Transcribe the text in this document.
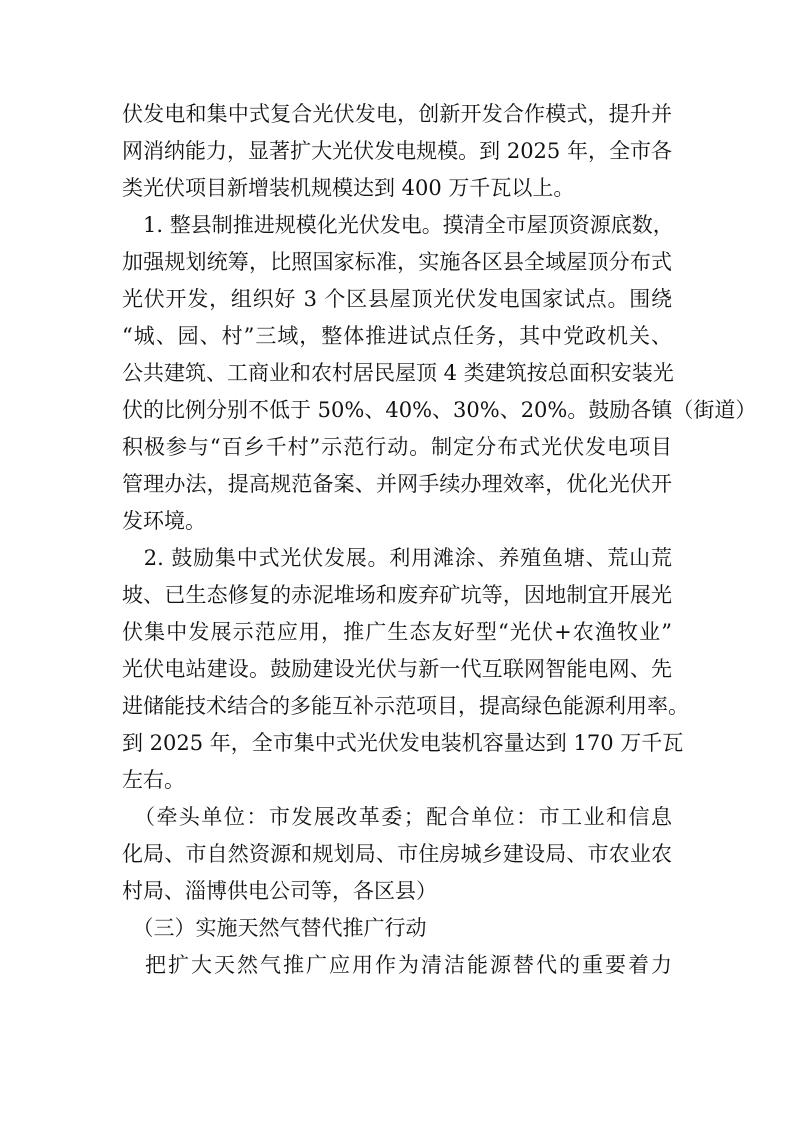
伏发电和集中式复合光伏发电，创新开发合作模式，提升并
网消纳能力，显著扩大光伏发电规模。到 2025 年，全市各
类光伏项目新增装机规模达到 400 万千瓦以上。
　1. 整县制推进规模化光伏发电。摸清全市屋顶资源底数，
加强规划统筹，比照国家标准，实施各区县全域屋顶分布式
光伏开发，组织好 3 个区县屋顶光伏发电国家试点。围绕
“城、园、村”三域，整体推进试点任务，其中党政机关、
公共建筑、工商业和农村居民屋顶 4 类建筑按总面积安装光
伏的比例分别不低于 50%、40%、30%、20%。鼓励各镇（街道）
积极参与“百乡千村”示范行动。制定分布式光伏发电项目
管理办法，提高规范备案、并网手续办理效率，优化光伏开
发环境。
　2. 鼓励集中式光伏发展。利用滩涂、养殖鱼塘、荒山荒
坡、已生态修复的赤泥堆场和废弃矿坑等，因地制宜开展光
伏集中发展示范应用，推广生态友好型“光伏+农渔牧业”
光伏电站建设。鼓励建设光伏与新一代互联网智能电网、先
进储能技术结合的多能互补示范项目，提高绿色能源利用率。
到 2025 年，全市集中式光伏发电装机容量达到 170 万千瓦
左右。
　（牵头单位：市发展改革委；配合单位：市工业和信息
化局、市自然资源和规划局、市住房城乡建设局、市农业农
村局、淄博供电公司等，各区县）
　（三）实施天然气替代推广行动
　把扩大天然气推广应用作为清洁能源替代的重要着力
